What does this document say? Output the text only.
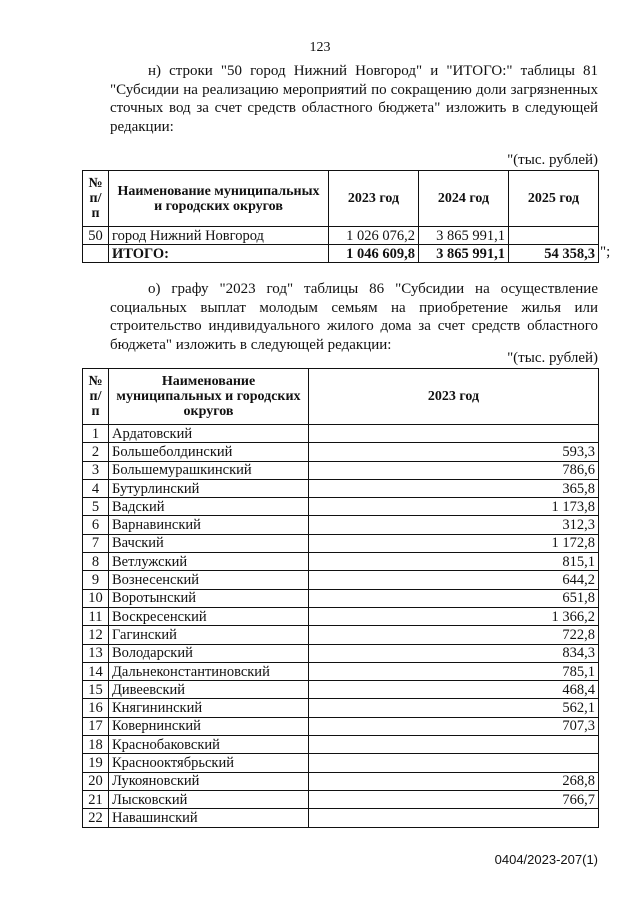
123

н) строки "50 город Нижний Новгород" и "ИТОГО:" таблицы 81 "Субсидии на реализацию мероприятий по сокращению доли загрязненных сточных вод за счет средств областного бюджета" изложить в следующей редакции:

"(тыс. рублей)
№ п/п	Наименование муниципальных и городских округов	2023 год	2024 год	2025 год
50	город Нижний Новгород	1 026 076,2	3 865 991,1	
	ИТОГО:	1 046 609,8	3 865 991,1	54 358,3 ";

о) графу "2023 год" таблицы 86 "Субсидии на осуществление социальных выплат молодым семьям на приобретение жилья или строительство индивидуального жилого дома за счет средств областного бюджета" изложить в следующей редакции:

"(тыс. рублей)
№ п/п	Наименование муниципальных и городских округов	2023 год
1	Ардатовский	
2	Большеболдинский	593,3
3	Большемурашкинский	786,6
4	Бутурлинский	365,8
5	Вадский	1 173,8
6	Варнавинский	312,3
7	Вачский	1 172,8
8	Ветлужский	815,1
9	Вознесенский	644,2
10	Воротынский	651,8
11	Воскресенский	1 366,2
12	Гагинский	722,8
13	Володарский	834,3
14	Дальнеконстантиновский	785,1
15	Дивеевский	468,4
16	Княгининский	562,1
17	Ковернинский	707,3
18	Краснобаковский	
19	Краснооктябрьский	
20	Лукояновский	268,8
21	Лысковский	766,7
22	Навашинский	
0404/2023-207(1)
